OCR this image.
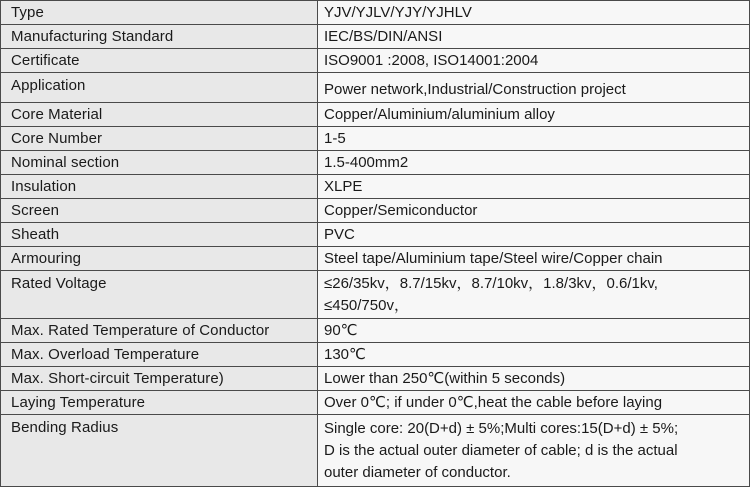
Type	YJV/YJLV/YJY/YJHLV
Manufacturing Standard	IEC/BS/DIN/ANSI
Certificate	ISO9001 :2008, ISO14001:2004
Application	Power network,Industrial/Construction project
Core Material	Copper/Aluminium/aluminium alloy
Core Number	1-5
Nominal section	1.5-400mm2
Insulation	XLPE
Screen	Copper/Semiconductor
Sheath	PVC
Armouring	Steel tape/Aluminium tape/Steel wire/Copper chain
Rated Voltage	≤26/35kv，8.7/15kv，8.7/10kv，1.8/3kv，0.6/1kv,
≤450/750v，

Max. Rated Temperature of Conductor	90℃
Max. Overload Temperature	130℃
Max. Short-circuit Temperature)	Lower than 250℃(within 5 seconds)
Laying Temperature	Over 0℃; if under 0℃,heat the cable before laying
Bending Radius	Single core: 20(D+d) ± 5%;Multi cores:15(D+d) ± 5%;
D is the actual outer diameter of cable; d is the actual
outer diameter of conductor.
